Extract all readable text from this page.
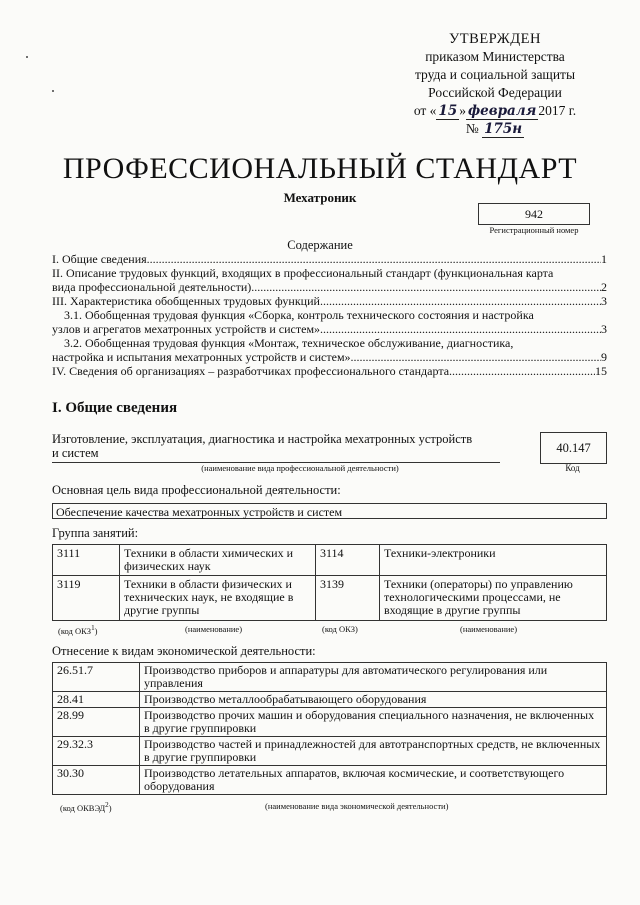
УТВЕРЖДЕН
приказом Министерства
труда и социальной защиты
Российской Федерации
от « 15 » февраля 2017 г. № 175н
ПРОФЕССИОНАЛЬНЫЙ СТАНДАРТ
Мехатроник
942
Регистрационный номер
Содержание
I. Общие сведения .....	1
II. Описание трудовых функций, входящих в профессиональный стандарт (функциональная карта
вида профессиональной деятельности) .....	2
III. Характеристика обобщенных трудовых функций .....	3
3.1. Обобщенная трудовая функция «Сборка, контроль технического состояния и настройка
узлов и агрегатов мехатронных устройств и систем» .....	3
3.2. Обобщенная трудовая функция «Монтаж, техническое обслуживание, диагностика,
настройка и испытания мехатронных устройств и систем» .....	9
IV. Сведения об организациях – разработчиках профессионального стандарта .....	15
I. Общие сведения
Изготовление, эксплуатация, диагностика и настройка мехатронных устройств
и систем
(наименование вида профессиональной деятельности)
40.147
Код
Основная цель вида профессиональной деятельности:
Обеспечение качества мехатронных устройств и систем
Группа занятий:
3111	Техники в области химических и физических наук	3114	Техники-электроники
3119	Техники в области физических и технических наук, не входящие в другие группы	3139	Техники (операторы) по управлению технологическими процессами, не входящие в другие группы
(код ОКЗ$^1$)	(наименование)	(код ОКЗ)	(наименование)
Отнесение к видам экономической деятельности:
26.51.7	Производство приборов и аппаратуры для автоматического регулирования или управления
28.41	Производство металлообрабатывающего оборудования
28.99	Производство прочих машин и оборудования специального назначения, не включенных в другие группировки
29.32.3	Производство частей и принадлежностей для автотранспортных средств, не включенных в другие группировки
30.30	Производство летательных аппаратов, включая космические, и соответствующего оборудования
(код ОКВЭД$^2$)	(наименование вида экономической деятельности)
